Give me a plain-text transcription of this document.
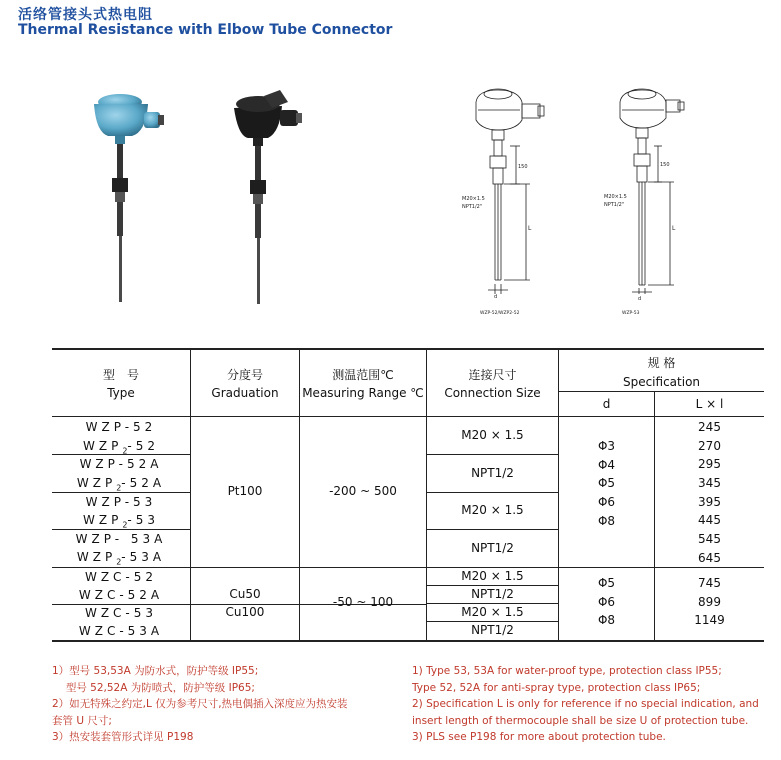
活络管接头式热电阻
Thermal Resistance with Elbow Tube Connector
150
L
d
M20×1.5
NPT1/2"
WZP-52/WZP2-52
150
L
d
M20×1.5
NPT1/2"
WZP-53
型　号
Type
分度号
Graduation
测温范围℃
Measuring Range ℃
连接尺寸
Connection Size
规 格
Specification
d	L × l
WZP-52
$WZP_2-52$
WZP-52A
$WZP_2-52A$
WZP-53
$WZP_2-53$
WZP- 53A
$WZP_2-53A$
WZC-52
WZC-52A
WZC-53
WZC-53A
Pt100
Cu50
Cu100
-200 ~ 500
-50 ~ 100
M20 × 1.5
NPT1/2
M20 × 1.5
NPT1/2
M20 × 1.5
NPT1/2
M20 × 1.5
NPT1/2
Φ3
Φ4
Φ5
Φ6
Φ8
Φ5
Φ6
Φ8
245
270
295
345
395
445
545
645
745
899
1149
1）型号 53,53A 为防水式，防护等级 IP55;
　 型号 52,52A 为防喷式，防护等级 IP65;
2）如无特殊之约定,L 仅为参考尺寸,热电偶插入深度应为热安装
套管 U 尺寸;
3）热安装套管形式详见 P198
1) Type 53, 53A for water-proof type, protection class IP55;
Type 52, 52A for anti-spray type, protection class IP65;
2) Specification L is only for reference if no special indication, and
insert length of thermocouple shall be size U of protection tube.
3) PLS see P198 for more about protection tube.
